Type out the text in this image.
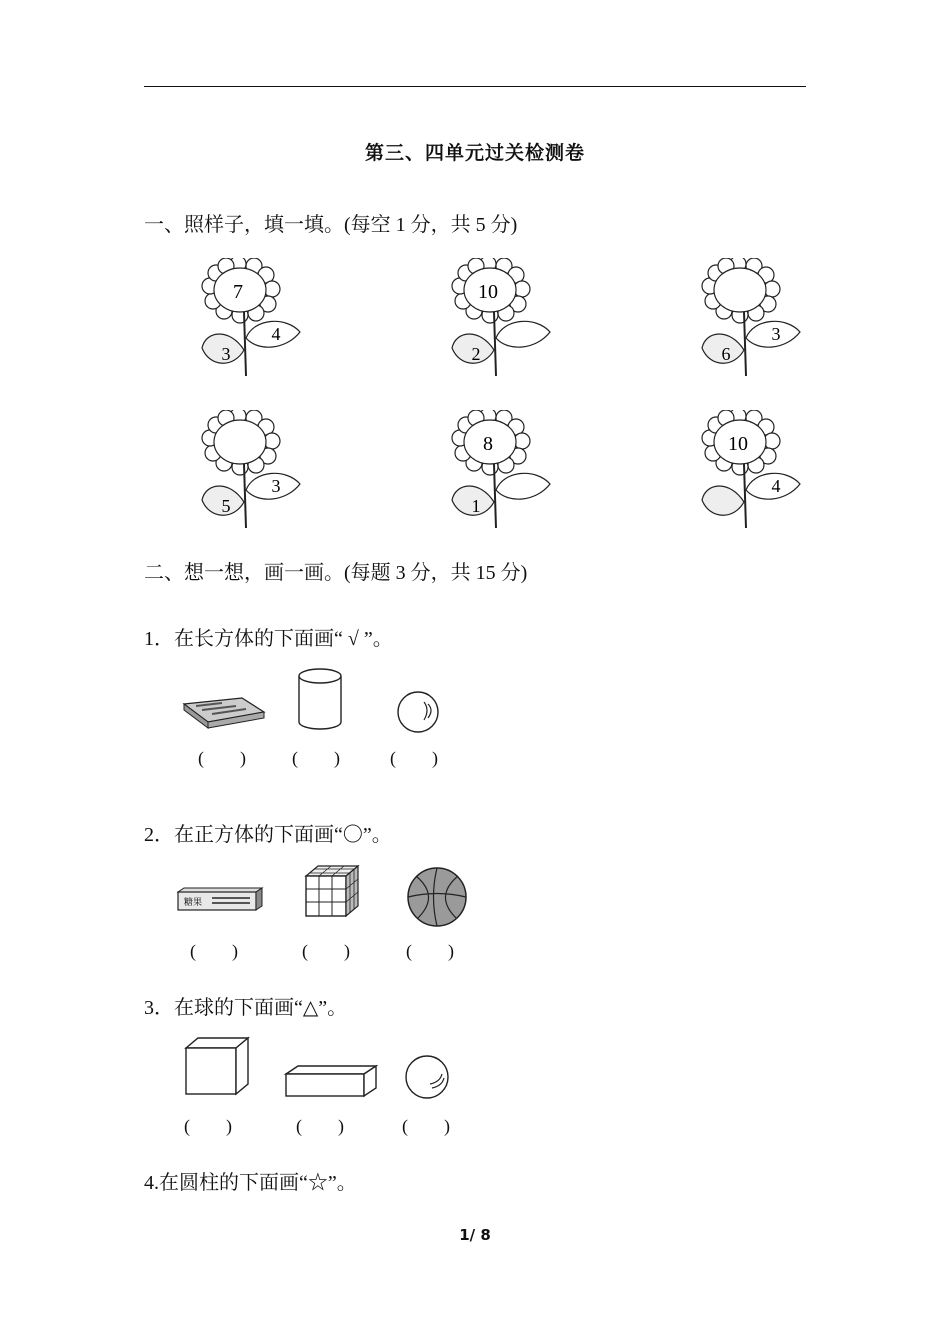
第三、四单元过关检测卷
一、照样子，填一填。(每空 1 分，共 5 分)
7
3
4
10
2	6
3
5
3
8
1
10
4
二、想一想，画一画。(每题 3 分，共 15 分)
1．在长方体的下面画“ √ ”。
(　　)	(　　)	(　　)
2．在正方体的下面画“〇”。
糖果
(　　)	(　　)	(　　)
3．在球的下面画“△”。
(　　)	(　　)	(　　)
4.在圆柱的下面画“☆”。
1/ 8
